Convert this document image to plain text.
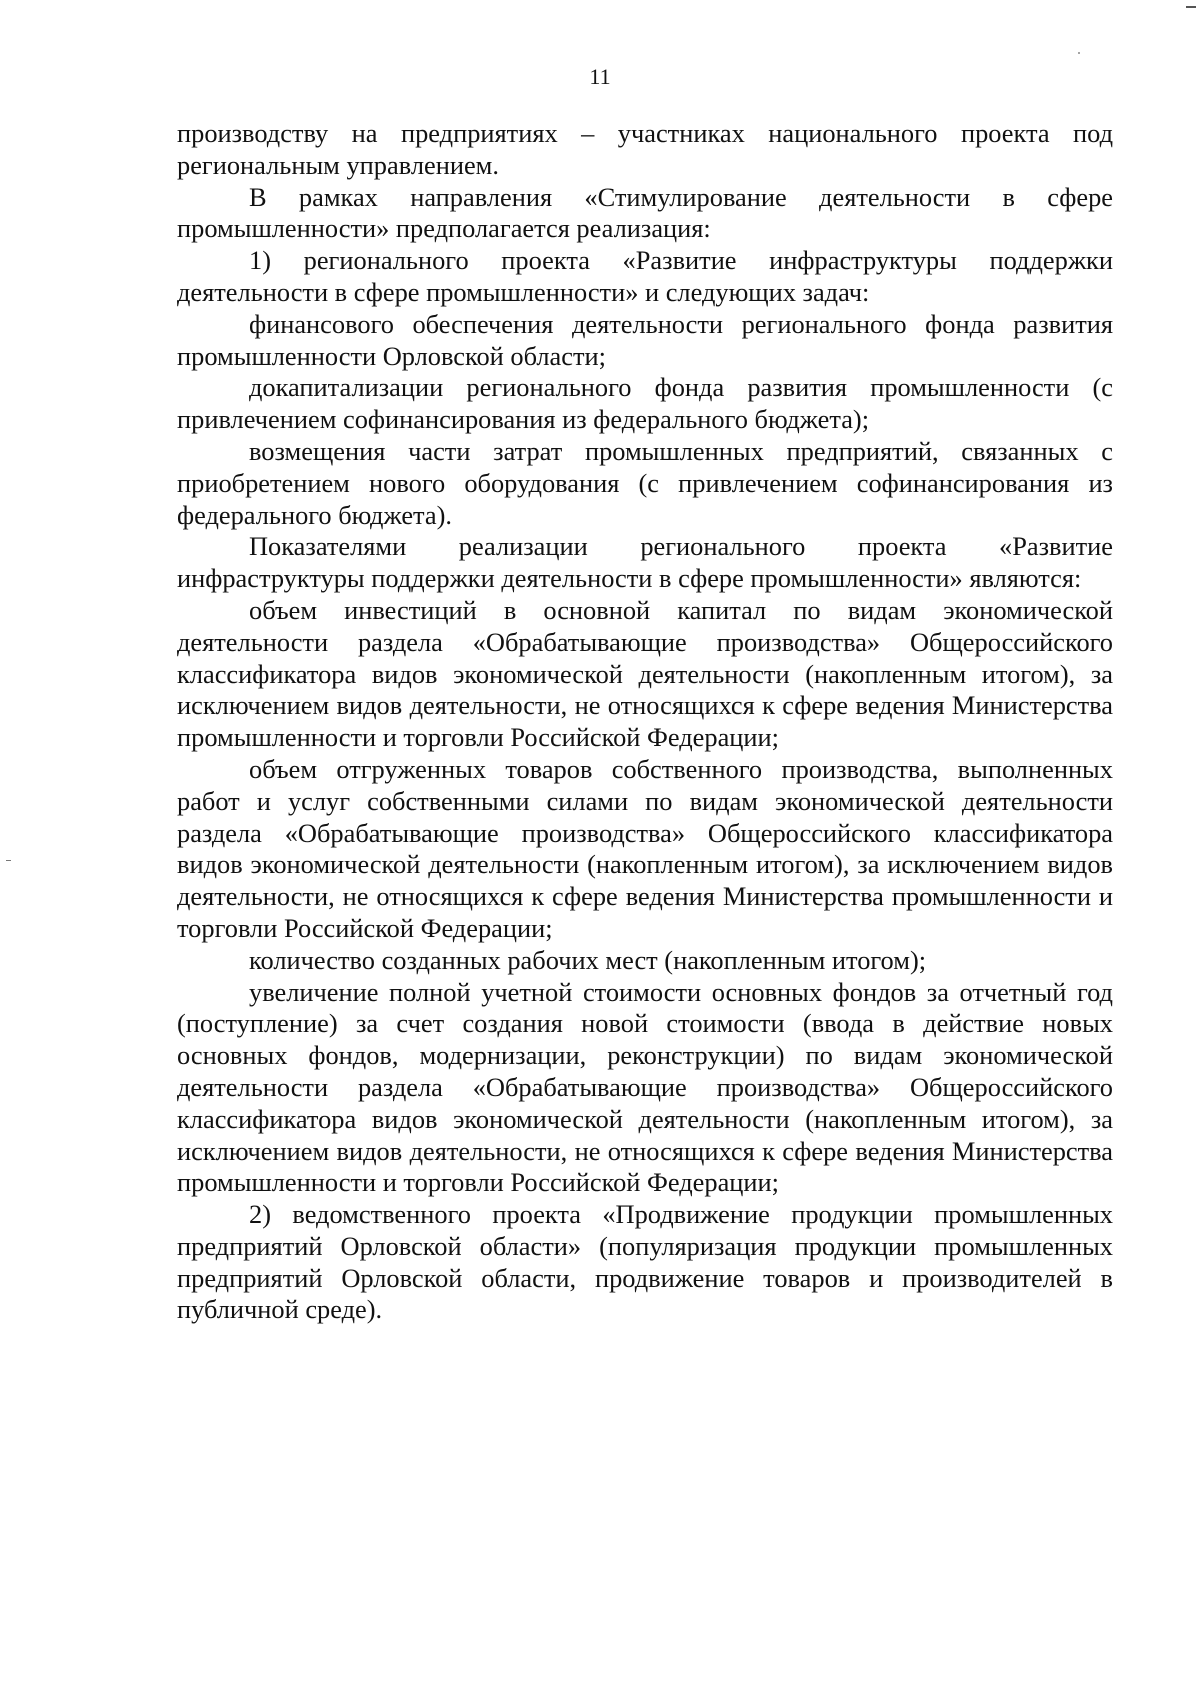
11

производству на предприятиях – участниках национального проекта под региональным управлением.

В рамках направления «Стимулирование деятельности в сфере промышленности» предполагается реализация:

1) регионального проекта «Развитие инфраструктуры поддержки деятельности в сфере промышленности» и следующих задач:

финансового обеспечения деятельности регионального фонда развития промышленности Орловской области;

докапитализации регионального фонда развития промышленности (с привлечением софинансирования из федерального бюджета);

возмещения части затрат промышленных предприятий, связанных с приобретением нового оборудования (с привлечением софинансирования из федерального бюджета).

Показателями реализации регионального проекта «Развитие инфраструктуры поддержки деятельности в сфере промышленности» являются:

объем инвестиций в основной капитал по видам экономической деятельности раздела «Обрабатывающие производства» Общероссийского классификатора видов экономической деятельности (накопленным итогом), за исключением видов деятельности, не относящихся к сфере ведения Министерства промышленности и торговли Российской Федерации;

объем отгруженных товаров собственного производства, выполненных работ и услуг собственными силами по видам экономической деятельности раздела «Обрабатывающие производства» Общероссийского классификатора видов экономической деятельности (накопленным итогом), за исключением видов деятельности, не относящихся к сфере ведения Министерства промышленности и торговли Российской Федерации;

количество созданных рабочих мест (накопленным итогом);

увеличение полной учетной стоимости основных фондов за отчетный год (поступление) за счет создания новой стоимости (ввода в действие новых основных фондов, модернизации, реконструкции) по видам экономической деятельности раздела «Обрабатывающие производства» Общероссийского классификатора видов экономической деятельности (накопленным итогом), за исключением видов деятельности, не относящихся к сфере ведения Министерства промышленности и торговли Российской Федерации;

2) ведомственного проекта «Продвижение продукции промышленных предприятий Орловской области» (популяризация продукции промышленных предприятий Орловской области, продвижение товаров и производителей в публичной среде).
